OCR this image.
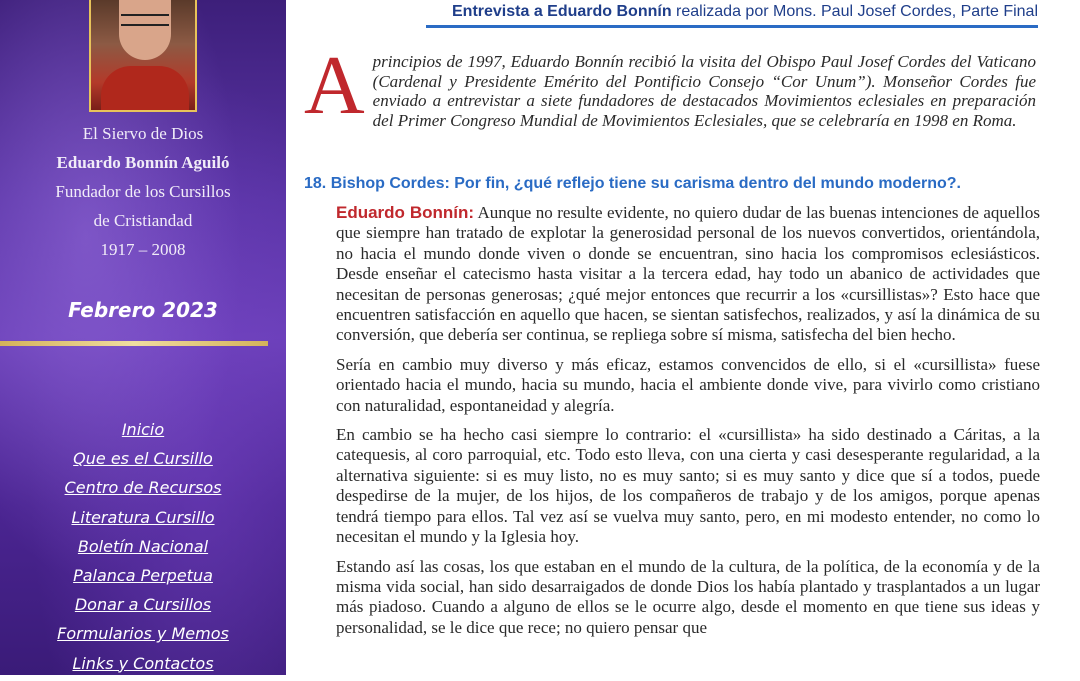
El Siervo de Dios
Eduardo Bonnín Aguiló
Fundador de los Cursillos
de Cristiandad
1917 – 2008
Febrero 2023
Inicio
Que es el Cursillo
Centro de Recursos
Literatura Cursillo
Boletín Nacional
Palanca Perpetua
Donar a Cursillos
Formularios y Memos
Links y Contactos
Entrevista a Eduardo Bonnín realizada por Mons. Paul Josef Cordes, Parte Final
A principios de 1997, Eduardo Bonnín recibió la visita del Obispo Paul Josef Cordes del Vaticano (Cardenal y Presidente Emérito del Pontificio Consejo “Cor Unum”). Monseñor Cordes fue enviado a entrevistar a siete fundadores de destacados Movimientos eclesiales en preparación del Primer Congreso Mundial de Movimientos Eclesiales, que se celebraría en 1998 en Roma.
18. Bishop Cordes: Por fin, ¿qué reflejo tiene su carisma dentro del mundo moderno?.

Eduardo Bonnín: Aunque no resulte evidente, no quiero dudar de las buenas intenciones de aquellos que siempre han tratado de explotar la generosidad personal de los nuevos convertidos, orientándola, no hacia el mundo donde viven o donde se encuentran, sino hacia los compromisos eclesiásticos. Desde enseñar el catecismo hasta visitar a la tercera edad, hay todo un abanico de actividades que necesitan de personas generosas; ¿qué mejor entonces que recurrir a los «cursillistas»? Esto hace que encuentren satisfacción en aquello que hacen, se sientan satisfechos, realizados, y así la dinámica de su conversión, que debería ser continua, se repliega sobre sí misma, satisfecha del bien hecho.

Sería en cambio muy diverso y más eficaz, estamos convencidos de ello, si el «cursillista» fuese orientado hacia el mundo, hacia su mundo, hacia el ambiente donde vive, para vivirlo como cristiano con naturalidad, espontaneidad y alegría.

En cambio se ha hecho casi siempre lo contrario: el «cursillista» ha sido destinado a Cáritas, a la catequesis, al coro parroquial, etc. Todo esto lleva, con una cierta y casi desesperante regularidad, a la alternativa siguiente: si es muy listo, no es muy santo; si es muy santo y dice que sí a todos, puede despedirse de la mujer, de los hijos, de los compañeros de trabajo y de los amigos, porque apenas tendrá tiempo para ellos. Tal vez así se vuelva muy santo, pero, en mi modesto entender, no como lo necesitan el mundo y la Iglesia hoy.

Estando así las cosas, los que estaban en el mundo de la cultura, de la política, de la economía y de la misma vida social, han sido desarraigados de donde Dios los había plantado y trasplantados a un lugar más piadoso. Cuando a alguno de ellos se le ocurre algo, desde el momento en que tiene sus ideas y personalidad, se le dice que rece; no quiero pensar que
